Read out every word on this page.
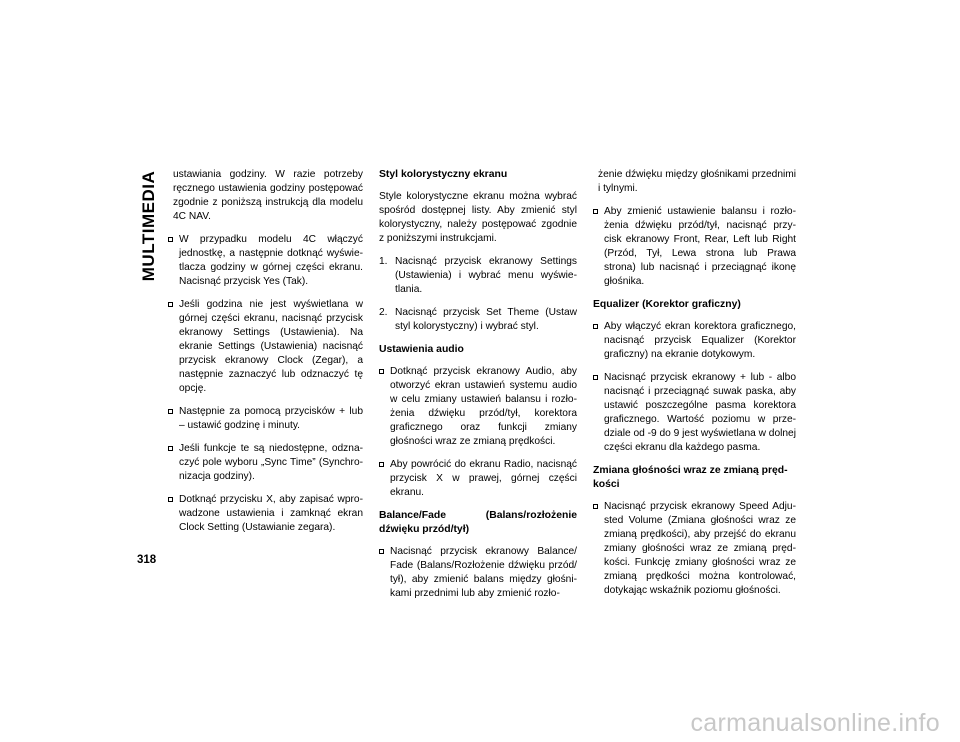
MULTIMEDIA
318

ustawiania godziny. W razie potrzeby ręcznego ustawienia godziny postępować zgodnie z poniższą instrukcją dla modelu 4C NAV.

W przypadku modelu 4C włączyć jednostkę, a następnie dotknąć wyświe- tlacza godziny w górnej części ekranu. Nacisnąć przycisk Yes (Tak).
Jeśli godzina nie jest wyświetlana w górnej części ekranu, nacisnąć przycisk ekranowy Settings (Ustawienia). Na ekranie Settings (Ustawienia) nacisnąć przycisk ekranowy Clock (Zegar), a następnie zaznaczyć lub odznaczyć tę opcję.
Następnie za pomocą przycisków + lub – ustawić godzinę i minuty.
Jeśli funkcje te są niedostępne, odzna- czyć pole wyboru „Sync Time” (Synchro- nizacja godziny).
Dotknąć przycisku X, aby zapisać wpro- wadzone ustawienia i zamknąć ekran Clock Setting (Ustawianie zegara).
Styl kolorystyczny ekranu

Style kolorystyczne ekranu można wybrać spośród dostępnej listy. Aby zmienić styl kolorystyczny, należy postępować zgodnie z poniższymi instrukcjami.

1. Nacisnąć przycisk ekranowy Settings (Ustawienia) i wybrać menu wyświe- tlania.
2. Nacisnąć przycisk Set Theme (Ustaw styl kolorystyczny) i wybrać styl.
Ustawienia audio
Dotknąć przycisk ekranowy Audio, aby otworzyć ekran ustawień systemu audio w celu zmiany ustawień balansu i rozło- żenia dźwięku przód/tył, korektora graficznego oraz funkcji zmiany głośności wraz ze zmianą prędkości.
Aby powrócić do ekranu Radio, nacisnąć przycisk X w prawej, górnej części ekranu.
Balance/Fade (Balans/rozłożenie dźwięku przód/tył)
Nacisnąć przycisk ekranowy Balance/ Fade (Balans/Rozłożenie dźwięku przód/ tył), aby zmienić balans między głośni- kami przednimi lub aby zmienić rozło-

żenie dźwięku między głośnikami przednimi i tylnymi.

Aby zmienić ustawienie balansu i rozło- żenia dźwięku przód/tył, nacisnąć przy- cisk ekranowy Front, Rear, Left lub Right (Przód, Tył, Lewa strona lub Prawa strona) lub nacisnąć i przeciągnąć ikonę głośnika.
Equalizer (Korektor graficzny)
Aby włączyć ekran korektora graficznego, nacisnąć przycisk Equalizer (Korektor graficzny) na ekranie dotykowym.
Nacisnąć przycisk ekranowy + lub - albo nacisnąć i przeciągnąć suwak paska, aby ustawić poszczególne pasma korektora graficznego. Wartość poziomu w prze- dziale od -9 do 9 jest wyświetlana w dolnej części ekranu dla każdego pasma.
Zmiana głośności wraz ze zmianą pręd- kości
Nacisnąć przycisk ekranowy Speed Adju- sted Volume (Zmiana głośności wraz ze zmianą prędkości), aby przejść do ekranu zmiany głośności wraz ze zmianą pręd- kości. Funkcję zmiany głośności wraz ze zmianą prędkości można kontrolować, dotykając wskaźnik poziomu głośności.
carmanualsonline.info
